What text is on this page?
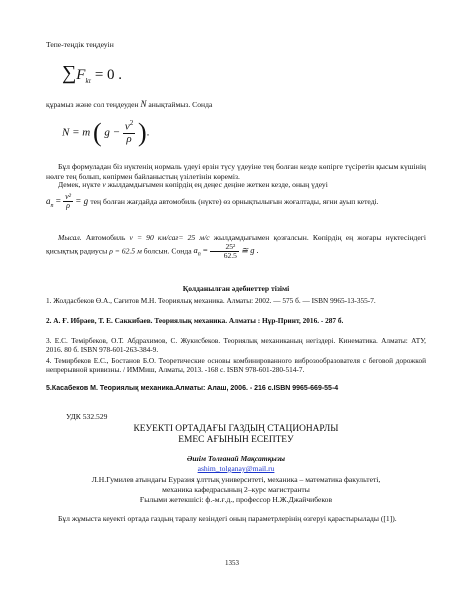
Тепе-теңдік теңдеуін
$\sum F_{k\tau} = 0$ .
құрамыз және сол теңдеуден N анықтаймыз. Сонда
N = m ( $g - \frac{v^2}{\rho}$ ).
Бұл формуладан біз нүктенің нормаль үдеуі ерзін түсу үдеуіне тең болған кезде көпірге түсіретін қысым күшінің нөлге тең болып, көпірмен байланыстың үзілетінін көреміз.
Демек, нүкте v жылдамдығымен көпірдің ең деңес деңіне жеткен кезде, оның үдеуі
$a_n = \frac{\text{v²}}{\rho} = g$ тең болған жағдайда автомобиль (нүкте) өз орнықтылығын жоғалтады, яғни ауып кетеді.
Мысал. Автомобиль v = 90 км/сағ= 25 м/с жылдамдығымен қозғалсын. Көпірдің ең жоғары нүктесіндегі қисықтық радиусы ρ = 62.5 м болсын. Сонда $a_n = \frac{\text{25²}}{62.5}$ ≅ g .
Қолданылған әдебиеттер тізімі
1. Жолдасбеков Ө.А., Сағитов М.Н. Теориялық механика. Алматы: 2002. — 575 б. — ISBN 9965-13-355-7.
2. А. Ғ. Ибраев, Т. Е. Саккибаев. Теориялық механика. Алматы : Нұр-Принт, 2016. - 287 б.
3. Е.С. Темірбеков, О.Т. Абдрахимов, С. Жукисбеков. Теориялық механиканың негіздері. Кинематика. Алматы: АТУ, 2016. 80 б. ISBN 978-601-263-384-9.
4. Темирбеков Е.С., Бостанов Б.О. Теоретические основы комбинированного виброзообразователя с беговой дорожкой непрерывной кривизны. / ИММиш, Алматы, 2013. -168 с. ISBN 978-601-280-514-7.
5.Касабеков М. Теориялық механика.Алматы: Алаш, 2006. - 216 с.ISBN 9965-669-55-4
УДК 532.529
КЕУЕКТІ ОРТАДАҒЫ ГАЗДЫҢ СТАЦИОНАРЛЫ
ЕМЕС АҒЫНЫН ЕСЕПТЕУ
Әшім Толғанай Мақсатқызы
ashim_tolganay@mail.ru
Л.Н.Гумилев атындағы Еуразия ұлттық университеті, механика – математика факультеті,
механика кафедрасының 2–курс магистранты
Ғылыми жетекшісі: ф.-м.ғ.д., профессор Н.Ж.Джайчибеков
Бұл жұмыста кеуекті ортада газдың таралу кезіндегі оның параметрлерінің өзгеруі қарастырылады ([1]).
1353
